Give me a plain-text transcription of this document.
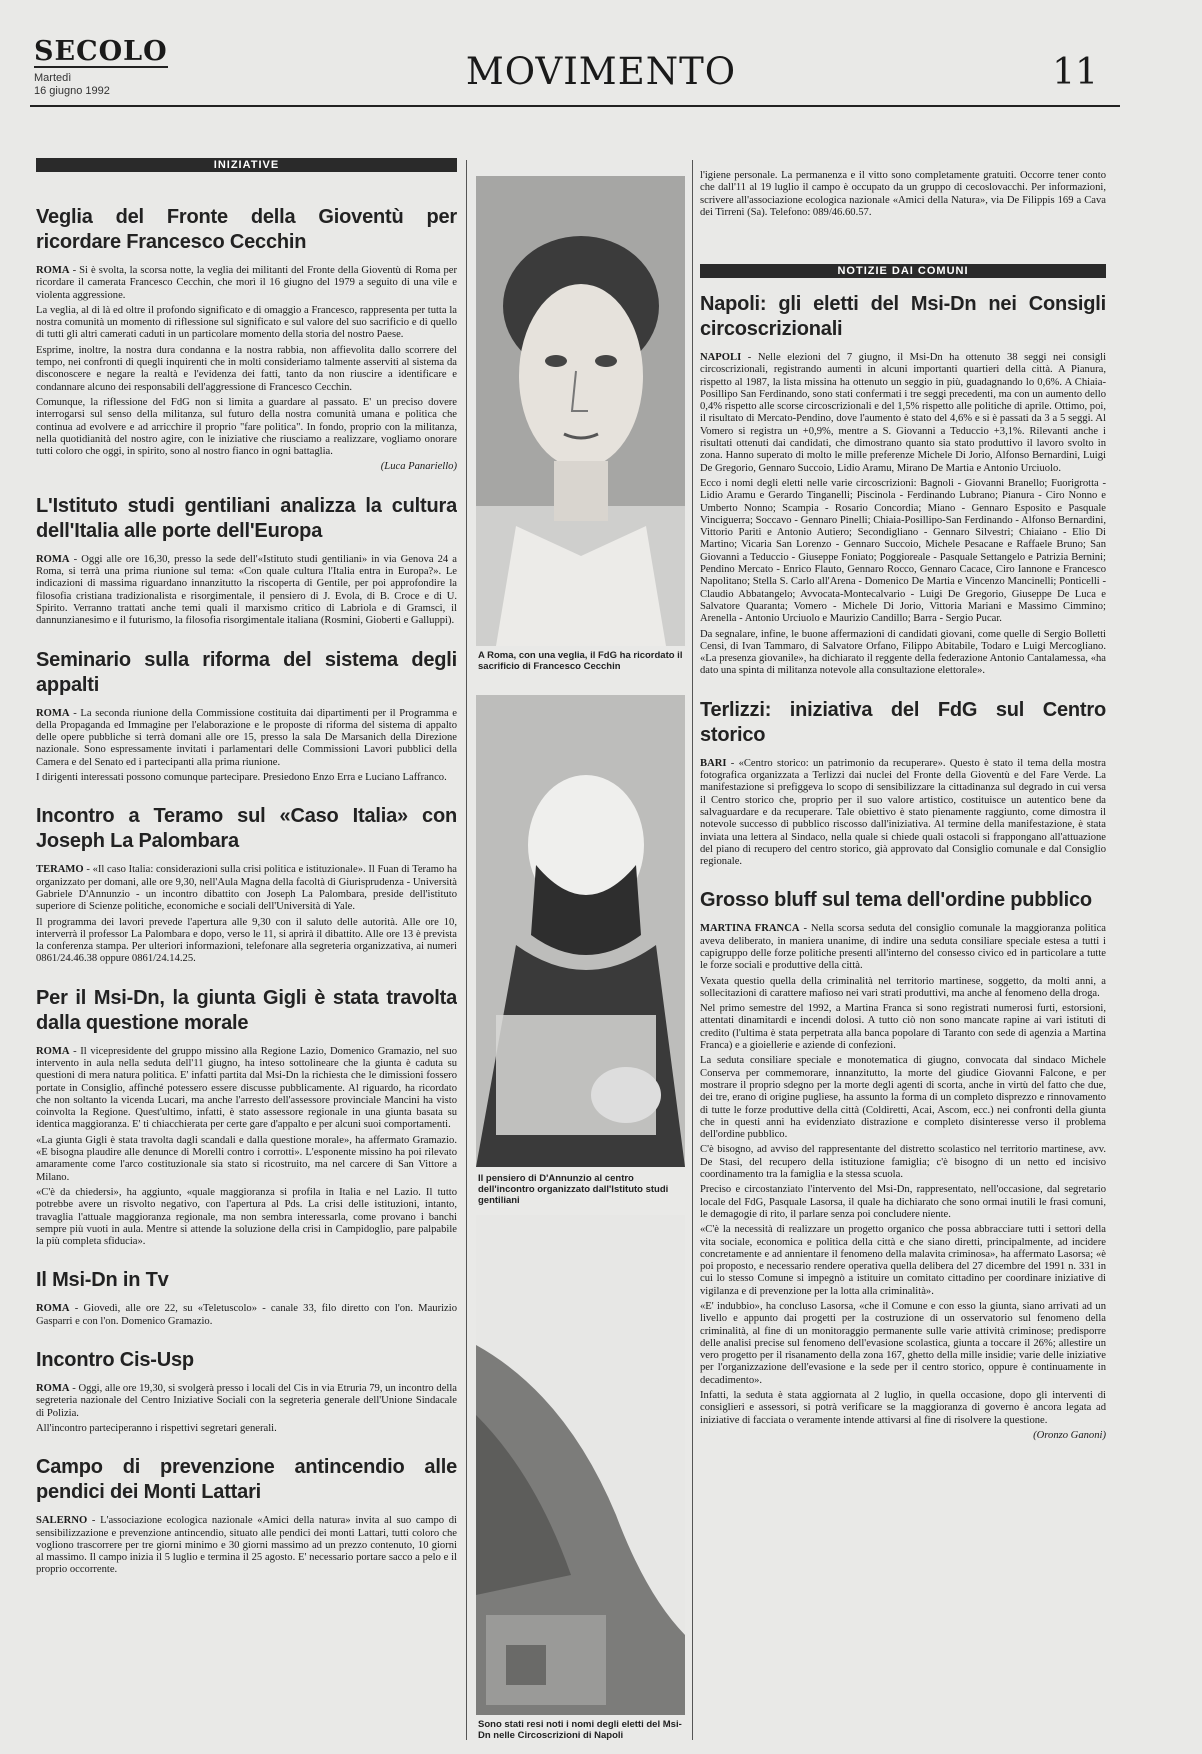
SECOLO
Martedì
16 giugno 1992	MOVIMENTO	11
INIZIATIVE
Veglia del Fronte della Gioventù per ricordare Francesco Cecchin

ROMA - Si è svolta, la scorsa notte, la veglia dei militanti del Fronte della Gioventù di Roma per ricordare il camerata Francesco Cecchin, che morì il 16 giugno del 1979 a seguito di una vile e violenta aggressione.

La veglia, al di là ed oltre il profondo significato e di omaggio a Francesco, rappresenta per tutta la nostra comunità un momento di riflessione sul significato e sul valore del suo sacrificio e di quello di tutti gli altri camerati caduti in un particolare momento della storia del nostro Paese.

Esprime, inoltre, la nostra dura condanna e la nostra rabbia, non affievolita dallo scorrere del tempo, nei confronti di quegli inquirenti che in molti consideriamo talmente asserviti al sistema da disconoscere e negare la realtà e l'evidenza dei fatti, tanto da non riuscire a identificare e condannare alcuno dei responsabili dell'aggressione di Francesco Cecchin.

Comunque, la riflessione del FdG non si limita a guardare al passato. E' un preciso dovere interrogarsi sul senso della militanza, sul futuro della nostra comunità umana e politica che continua ad evolvere e ad arricchire il proprio "fare politica". In fondo, proprio con la militanza, nella quotidianità del nostro agire, con le iniziative che riusciamo a realizzare, vogliamo onorare tutti coloro che oggi, in spirito, sono al nostro fianco in ogni battaglia.

(Luca Panariello)
L'Istituto studi gentiliani analizza la cultura dell'Italia alle porte dell'Europa

ROMA - Oggi alle ore 16,30, presso la sede dell'«Istituto studi gentiliani» in via Genova 24 a Roma, si terrà una prima riunione sul tema: «Con quale cultura l'Italia entra in Europa?». Le indicazioni di massima riguardano innanzitutto la riscoperta di Gentile, per poi approfondire la filosofia cristiana tradizionalista e risorgimentale, il pensiero di J. Evola, di B. Croce e di U. Spirito. Verranno trattati anche temi quali il marxismo critico di Labriola e di Gramsci, il dannunzianesimo e il futurismo, la filosofia risorgimentale italiana (Rosmini, Gioberti e Galluppi).

Seminario sulla riforma del sistema degli appalti

ROMA - La seconda riunione della Commissione costituita dai dipartimenti per il Programma e della Propaganda ed Immagine per l'elaborazione e le proposte di riforma del sistema di appalto delle opere pubbliche si terrà domani alle ore 15, presso la sala De Marsanich della Direzione nazionale. Sono espressamente invitati i parlamentari delle Commissioni Lavori pubblici della Camera e del Senato ed i partecipanti alla prima riunione.

I dirigenti interessati possono comunque partecipare. Presiedono Enzo Erra e Luciano Laffranco.

Incontro a Teramo sul «Caso Italia» con Joseph La Palombara

TERAMO - «Il caso Italia: considerazioni sulla crisi politica e istituzionale». Il Fuan di Teramo ha organizzato per domani, alle ore 9,30, nell'Aula Magna della facoltà di Giurisprudenza - Università Gabriele D'Annunzio - un incontro dibattito con Joseph La Palombara, preside dell'istituto superiore di Scienze politiche, economiche e sociali dell'Università di Yale.

Il programma dei lavori prevede l'apertura alle 9,30 con il saluto delle autorità. Alle ore 10, interverrà il professor La Palombara e dopo, verso le 11, si aprirà il dibattito. Alle ore 13 è prevista la conferenza stampa. Per ulteriori informazioni, telefonare alla segreteria organizzativa, ai numeri 0861/24.46.38 oppure 0861/24.14.25.

Per il Msi-Dn, la giunta Gigli è stata travolta dalla questione morale

ROMA - Il vicepresidente del gruppo missino alla Regione Lazio, Domenico Gramazio, nel suo intervento in aula nella seduta dell'11 giugno, ha inteso sottolineare che la giunta è caduta su questioni di mera natura politica. E' infatti partita dal Msi-Dn la richiesta che le dimissioni fossero portate in Consiglio, affinché potessero essere discusse pubblicamente. Al riguardo, ha ricordato che non soltanto la vicenda Lucari, ma anche l'arresto dell'assessore provinciale Mancini ha visto coinvolta la Regione. Quest'ultimo, infatti, è stato assessore regionale in una giunta basata su identica maggioranza. E' ti chiacchierata per certe gare d'appalto e per alcuni suoi comportamenti.

«La giunta Gigli è stata travolta dagli scandali e dalla questione morale», ha affermato Gramazio. «E bisogna plaudire alle denunce di Morelli contro i corrotti». L'esponente missino ha poi rilevato amaramente come l'arco costituzionale sia stato si ricostruito, ma nel carcere di San Vittore a Milano.

«C'è da chiedersi», ha aggiunto, «quale maggioranza si profila in Italia e nel Lazio. Il tutto potrebbe avere un risvolto negativo, con l'apertura al Pds. La crisi delle istituzioni, intanto, travaglia l'attuale maggioranza regionale, ma non sembra interessarla, come provano i banchi sempre più vuoti in aula. Mentre si attende la soluzione della crisi in Campidoglio, pare palpabile la più completa sfiducia».

Il Msi-Dn in Tv

ROMA - Giovedì, alle ore 22, su «Teletuscolo» - canale 33, filo diretto con l'on. Maurizio Gasparri e con l'on. Domenico Gramazio.

Incontro Cis-Usp

ROMA - Oggi, alle ore 19,30, si svolgerà presso i locali del Cis in via Etruria 79, un incontro della segreteria nazionale del Centro Iniziative Sociali con la segreteria generale dell'Unione Sindacale di Polizia.

All'incontro parteciperanno i rispettivi segretari generali.

Campo di prevenzione antincendio alle pendici dei Monti Lattari

SALERNO - L'associazione ecologica nazionale «Amici della natura» invita al suo campo di sensibilizzazione e prevenzione antincendio, situato alle pendici dei monti Lattari, tutti coloro che vogliono trascorrere per tre giorni minimo e 30 giorni massimo ad un prezzo contenuto, 10 giorni al massimo. Il campo inizia il 5 luglio e termina il 25 agosto. E' necessario portare sacco a pelo e il proprio occorrente.

A Roma, con una veglia, il FdG ha ricordato il sacrificio di Francesco Cecchin
Il pensiero di D'Annunzio al centro dell'incontro organizzato dall'Istituto studi gentiliani
Sono stati resi noti i nomi degli eletti del Msi-Dn nelle Circoscrizioni di Napoli

l'igiene personale. La permanenza e il vitto sono completamente gratuiti. Occorre tener conto che dall'11 al 19 luglio il campo è occupato da un gruppo di cecoslovacchi. Per informazioni, scrivere all'associazione ecologica nazionale «Amici della Natura», via De Filippis 169 a Cava dei Tirreni (Sa). Telefono: 089/46.60.57.

NOTIZIE DAI COMUNI
Napoli: gli eletti del Msi-Dn nei Consigli circoscrizionali

NAPOLI - Nelle elezioni del 7 giugno, il Msi-Dn ha ottenuto 38 seggi nei consigli circoscrizionali, registrando aumenti in alcuni importanti quartieri della città. A Pianura, rispetto al 1987, la lista missina ha ottenuto un seggio in più, guadagnando lo 0,6%. A Chiaia-Posillipo San Ferdinando, sono stati confermati i tre seggi precedenti, ma con un aumento dello 0,4% rispetto alle scorse circoscrizionali e del 1,5% rispetto alle politiche di aprile. Ottimo, poi, il risultato di Mercato-Pendino, dove l'aumento è stato del 4,6% e si è passati da 3 a 5 seggi. Al Vomero si registra un +0,9%, mentre a S. Giovanni a Teduccio +3,1%. Rilevanti anche i risultati ottenuti dai candidati, che dimostrano quanto sia stato produttivo il lavoro svolto in zona. Hanno superato di molto le mille preferenze Michele Di Jorio, Alfonso Bernardini, Luigi De Gregorio, Gennaro Succoio, Lidio Aramu, Mirano De Martia e Antonio Urciuolo.

Ecco i nomi degli eletti nelle varie circoscrizioni: Bagnoli - Giovanni Branello; Fuorigrotta - Lidio Aramu e Gerardo Tinganelli; Piscinola - Ferdinando Lubrano; Pianura - Ciro Nonno e Umberto Nonno; Scampia - Rosario Concordia; Miano - Gennaro Esposito e Pasquale Vinciguerra; Soccavo - Gennaro Pinelli; Chiaia-Posillipo-San Ferdinando - Alfonso Bernardini, Vittorio Pariti e Antonio Autiero; Secondigliano - Gennaro Silvestri; Chiaiano - Elio Di Martino; Vicaria San Lorenzo - Gennaro Succoio, Michele Pesacane e Raffaele Bruno; San Giovanni a Teduccio - Giuseppe Foniato; Poggioreale - Pasquale Settangelo e Patrizia Bernini; Pendino Mercato - Enrico Flauto, Gennaro Rocco, Gennaro Cacace, Ciro Iannone e Francesco Napolitano; Stella S. Carlo all'Arena - Domenico De Martia e Vincenzo Mancinelli; Ponticelli - Claudio Abbatangelo; Avvocata-Montecalvario - Luigi De Gregorio, Giuseppe De Luca e Salvatore Quaranta; Vomero - Michele Di Jorio, Vittoria Mariani e Massimo Cimmino; Arenella - Antonio Urciuolo e Maurizio Candillo; Barra - Sergio Pucar.

Da segnalare, infine, le buone affermazioni di candidati giovani, come quelle di Sergio Bolletti Censi, di Ivan Tammaro, di Salvatore Orfano, Filippo Abitabile, Todaro e Luigi Mercogliano. «La presenza giovanile», ha dichiarato il reggente della federazione Antonio Cantalamessa, «ha dato una spinta di militanza notevole alla consultazione elettorale».

Terlizzi: iniziativa del FdG sul Centro storico

BARI - «Centro storico: un patrimonio da recuperare». Questo è stato il tema della mostra fotografica organizzata a Terlizzi dai nuclei del Fronte della Gioventù e del Fare Verde. La manifestazione si prefiggeva lo scopo di sensibilizzare la cittadinanza sul degrado in cui versa il Centro storico che, proprio per il suo valore artistico, costituisce un autentico bene da salvaguardare e da recuperare. Tale obiettivo è stato pienamente raggiunto, come dimostra il notevole successo di pubblico riscosso dall'iniziativa. Al termine della manifestazione, è stata inviata una lettera al Sindaco, nella quale si chiede quali ostacoli si frappongano all'attuazione del piano di recupero del centro storico, già approvato dal Consiglio comunale e dal Consiglio regionale.

Grosso bluff sul tema dell'ordine pubblico

MARTINA FRANCA - Nella scorsa seduta del consiglio comunale la maggioranza politica aveva deliberato, in maniera unanime, di indire una seduta consiliare speciale estesa a tutti i capigruppo delle forze politiche presenti all'interno del consesso civico ed in particolare a tutte le forze sociali e produttive della città.

Vexata questio quella della criminalità nel territorio martinese, soggetto, da molti anni, a sollecitazioni di carattere mafioso nei vari strati produttivi, ma anche al fenomeno della droga.

Nel primo semestre del 1992, a Martina Franca si sono registrati numerosi furti, estorsioni, attentati dinamitardi e incendi dolosi. A tutto ciò non sono mancate rapine ai vari istituti di credito (l'ultima è stata perpetrata alla banca popolare di Taranto con sede di agenzia a Martina Franca) e a gioiellerie e aziende di confezioni.

La seduta consiliare speciale e monotematica di giugno, convocata dal sindaco Michele Conserva per commemorare, innanzitutto, la morte del giudice Giovanni Falcone, e per mostrare il proprio sdegno per la morte degli agenti di scorta, anche in virtù del fatto che due, dei tre, erano di origine pugliese, ha assunto la forma di un completo disprezzo e rinnovamento di tutte le forze produttive della città (Coldiretti, Acai, Ascom, ecc.) nei confronti della giunta che in questi anni ha evidenziato distrazione e completo disinteresse verso il problema dell'ordine pubblico.

C'è bisogno, ad avviso del rappresentante del distretto scolastico nel territorio martinese, avv. De Stasi, del recupero della istituzione famiglia; c'è bisogno di un netto ed incisivo coordinamento tra la famiglia e la stessa scuola.

Preciso e circostanziato l'intervento del Msi-Dn, rappresentato, nell'occasione, dal segretario locale del FdG, Pasquale Lasorsa, il quale ha dichiarato che sono ormai inutili le frasi comuni, le demagogie di rito, il parlare senza poi concludere niente.

«C'è la necessità di realizzare un progetto organico che possa abbracciare tutti i settori della vita sociale, economica e politica della città e che siano diretti, principalmente, ad incidere concretamente e ad annientare il fenomeno della malavita criminosa», ha affermato Lasorsa; «è poi proposto, e necessario rendere operativa quella delibera del 27 dicembre del 1991 n. 331 in cui lo stesso Comune si impegnò a istituire un comitato cittadino per coordinare iniziative di vigilanza e di prevenzione per la lotta alla criminalità».

«E' indubbio», ha concluso Lasorsa, «che il Comune e con esso la giunta, siano arrivati ad un livello e appunto dai progetti per la costruzione di un osservatorio sul fenomeno della criminalità, al fine di un monitoraggio permanente sulle varie attività criminose; predisporre delle analisi precise sul fenomeno dell'evasione scolastica, giunta a toccare il 26%; allestire un vero progetto per il risanamento della zona 167, ghetto della mille insidie; varie delle iniziative per l'organizzazione dell'evasione e la sede per il centro storico, oppure è continuamente in decadimento».

Infatti, la seduta è stata aggiornata al 2 luglio, in quella occasione, dopo gli interventi di consiglieri e assessori, si potrà verificare se la maggioranza di governo è ancora legata ad iniziative di facciata o veramente intende attivarsi al fine di risolvere la questione.

(Oronzo Ganoni)
